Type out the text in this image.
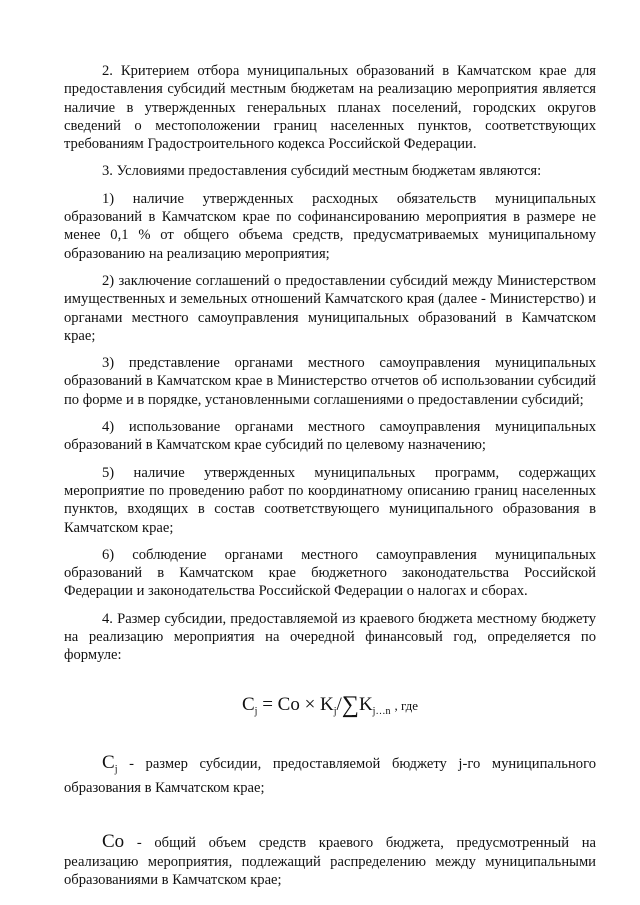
2. Критерием отбора муниципальных образований в Камчатском крае для предоставления субсидий местным бюджетам на реализацию мероприятия является наличие в утвержденных генеральных планах поселений, городских округов сведений о местоположении границ населенных пунктов, соответствующих требованиям Градостроительного кодекса Российской Федерации.

3. Условиями предоставления субсидий местным бюджетам являются:

1) наличие утвержденных расходных обязательств муниципальных образований в Камчатском крае по софинансированию мероприятия в размере не менее 0,1 % от общего объема средств, предусматриваемых муниципальному образованию на реализацию мероприятия;

2) заключение соглашений о предоставлении субсидий между Министерством имущественных и земельных отношений Камчатского края (далее - Министерство) и органами местного самоуправления муниципальных образований в Камчатском крае;

3) представление органами местного самоуправления муниципальных образований в Камчатском крае в Министерство отчетов об использовании субсидий по форме и в порядке, установленными соглашениями о предоставлении субсидий;

4) использование органами местного самоуправления муниципальных образований в Камчатском крае субсидий по целевому назначению;

5) наличие утвержденных муниципальных программ, содержащих мероприятие по проведению работ по координатному описанию границ населенных пунктов, входящих в состав соответствующего муниципального образования в Камчатском крае;

6) соблюдение органами местного самоуправления муниципальных образований в Камчатском крае бюджетного законодательства Российской Федерации и законодательства Российской Федерации о налогах и сборах.

4. Размер субсидии, предоставляемой из краевого бюджета местному бюджету на реализацию мероприятия на очередной финансовый год, определяется по формуле:

$C_j = Co \times K_j/\sum K_{j\dots n}$ , где

$C_j$ - размер субсидии, предоставляемой бюджету j-го муниципального образования в Камчатском крае;

Co - общий объем средств краевого бюджета, предусмотренный на реализацию мероприятия, подлежащий распределению между муниципальными образованиями в Камчатском крае;
